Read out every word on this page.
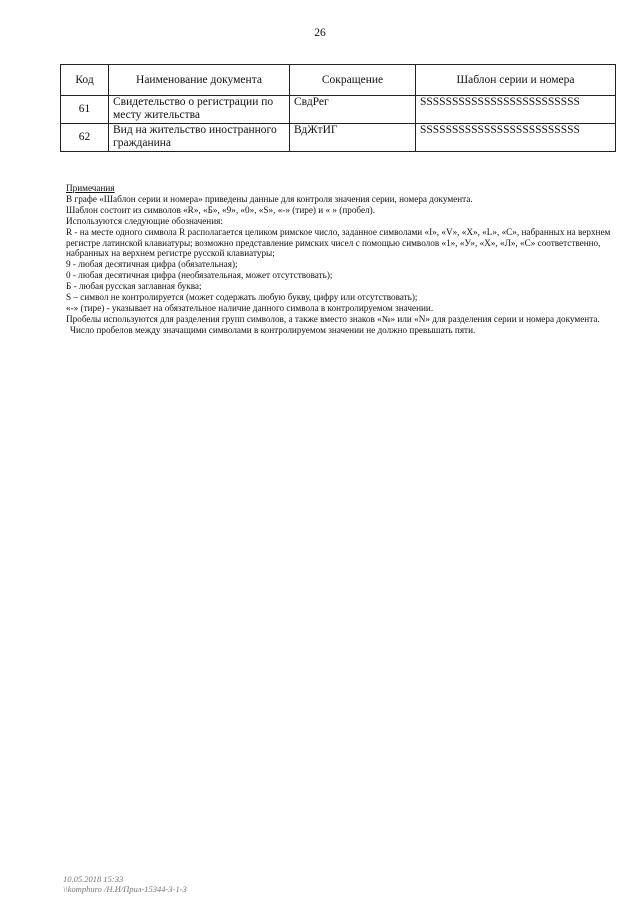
26
Код	Наименование документа	Сокращение	Шаблон серии и номера
61	Свидетельство о регистрации по месту жительства	СвдРег	SSSSSSSSSSSSSSSSSSSSSSSSS
62	Вид на жительство иностранного гражданина	ВдЖтИГ	SSSSSSSSSSSSSSSSSSSSSSSSS

Примечания

В графе «Шаблон серии и номера» приведены данные для контроля значения серии, номера документа.

Шаблон состоит из символов «R», «Б», «9», «0», «S», «-» (тире) и « » (пробел).

Используются следующие обозначения:

R - на месте одного символа R располагается целиком римское число, заданное символами «I», «V», «X», «L», «C», набранных на верхнем регистре латинской клавиатуры; возможно представление римских чисел с помощью символов «1», «У», «Х», «Л», «С» соответственно, набранных на верхнем регистре русской клавиатуры;

9 - любая десятичная цифра (обязательная);

0 - любая десятичная цифра (необязательная, может отсутствовать);

Б - любая русская заглавная буква;

S – символ не контролируется (может содержать любую букву, цифру или отсутствовать);

«-» (тире) - указывает на обязательное наличие данного символа в контролируемом значении.

Пробелы используются для разделения групп символов, а также вместо знаков «№» или «N» для разделения серии и номера документа.

Число пробелов между значащими символами в контролируемом значении не должно превышать пяти.

10.05.2018 15:33

\\komphuro /Н.И/Прил-15344-3-1-3
